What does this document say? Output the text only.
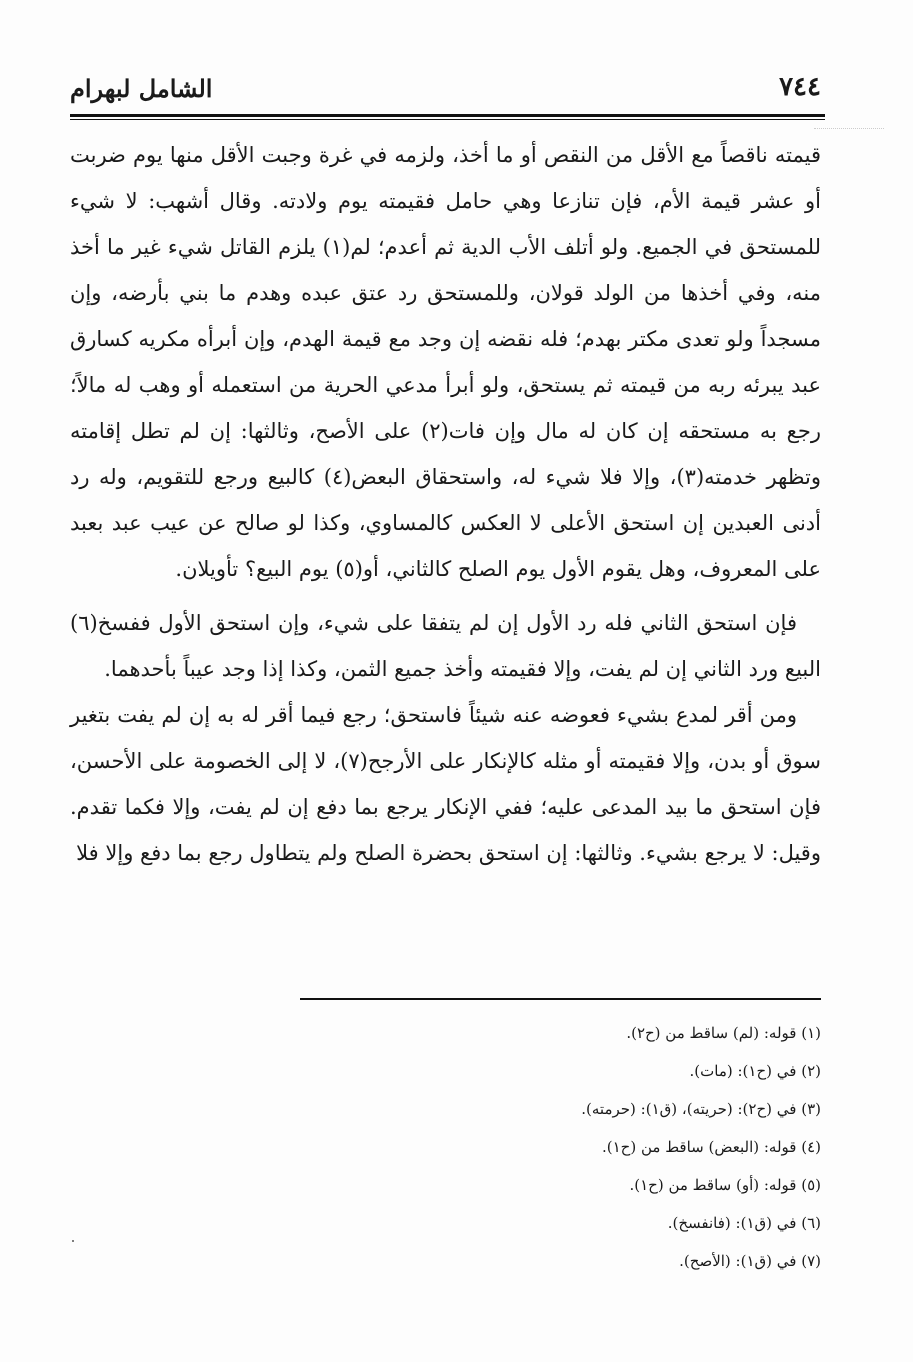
٧٤٤
الشامل لبهرام

قيمته ناقصاً مع الأقل من النقص أو ما أخذ، ولزمه في غرة وجبت الأقل منها يوم ضربت أو عشر قيمة الأم، فإن تنازعا وهي حامل فقيمته يوم ولادته. وقال أشهب: لا شيء للمستحق في الجميع. ولو أتلف الأب الدية ثم أعدم؛ لم(١) يلزم القاتل شيء غير ما أخذ منه، وفي أخذها من الولد قولان، وللمستحق رد عتق عبده وهدم ما بني بأرضه، وإن مسجداً ولو تعدى مكتر بهدم؛ فله نقضه إن وجد مع قيمة الهدم، وإن أبرأه مكريه كسارق عبد يبرئه ربه من قيمته ثم يستحق، ولو أبرأ مدعي الحرية من استعمله أو وهب له مالاً؛ رجع به مستحقه إن كان له مال وإن فات(٢) على الأصح، وثالثها: إن لم تطل إقامته وتظهر خدمته(٣)، وإلا فلا شيء له، واستحقاق البعض(٤) كالبيع ورجع للتقويم، وله رد أدنى العبدين إن استحق الأعلى لا العكس كالمساوي، وكذا لو صالح عن عيب عبد بعبد على المعروف، وهل يقوم الأول يوم الصلح كالثاني، أو(٥) يوم البيع؟ تأويلان.

فإن استحق الثاني فله رد الأول إن لم يتفقا على شيء، وإن استحق الأول ففسخ(٦) البيع ورد الثاني إن لم يفت، وإلا فقيمته وأخذ جميع الثمن، وكذا إذا وجد عيباً بأحدهما.

ومن أقر لمدع بشيء فعوضه عنه شيئاً فاستحق؛ رجع فيما أقر له به إن لم يفت بتغير سوق أو بدن، وإلا فقيمته أو مثله كالإنكار على الأرجح(٧)، لا إلى الخصومة على الأحسن، فإن استحق ما بيد المدعى عليه؛ ففي الإنكار يرجع بما دفع إن لم يفت، وإلا فكما تقدم. وقيل: لا يرجع بشيء. وثالثها: إن استحق بحضرة الصلح ولم يتطاول رجع بما دفع وإلا فلا

(١) قوله: (لم) ساقط من (ح٢).
(٢) في (ح١): (مات).
(٣) في (ح٢): (حريته)، (ق١): (حرمته).
(٤) قوله: (البعض) ساقط من (ح١).
(٥) قوله: (أو) ساقط من (ح١).
(٦) في (ق١): (فانفسخ).
(٧) في (ق١): (الأصح).
